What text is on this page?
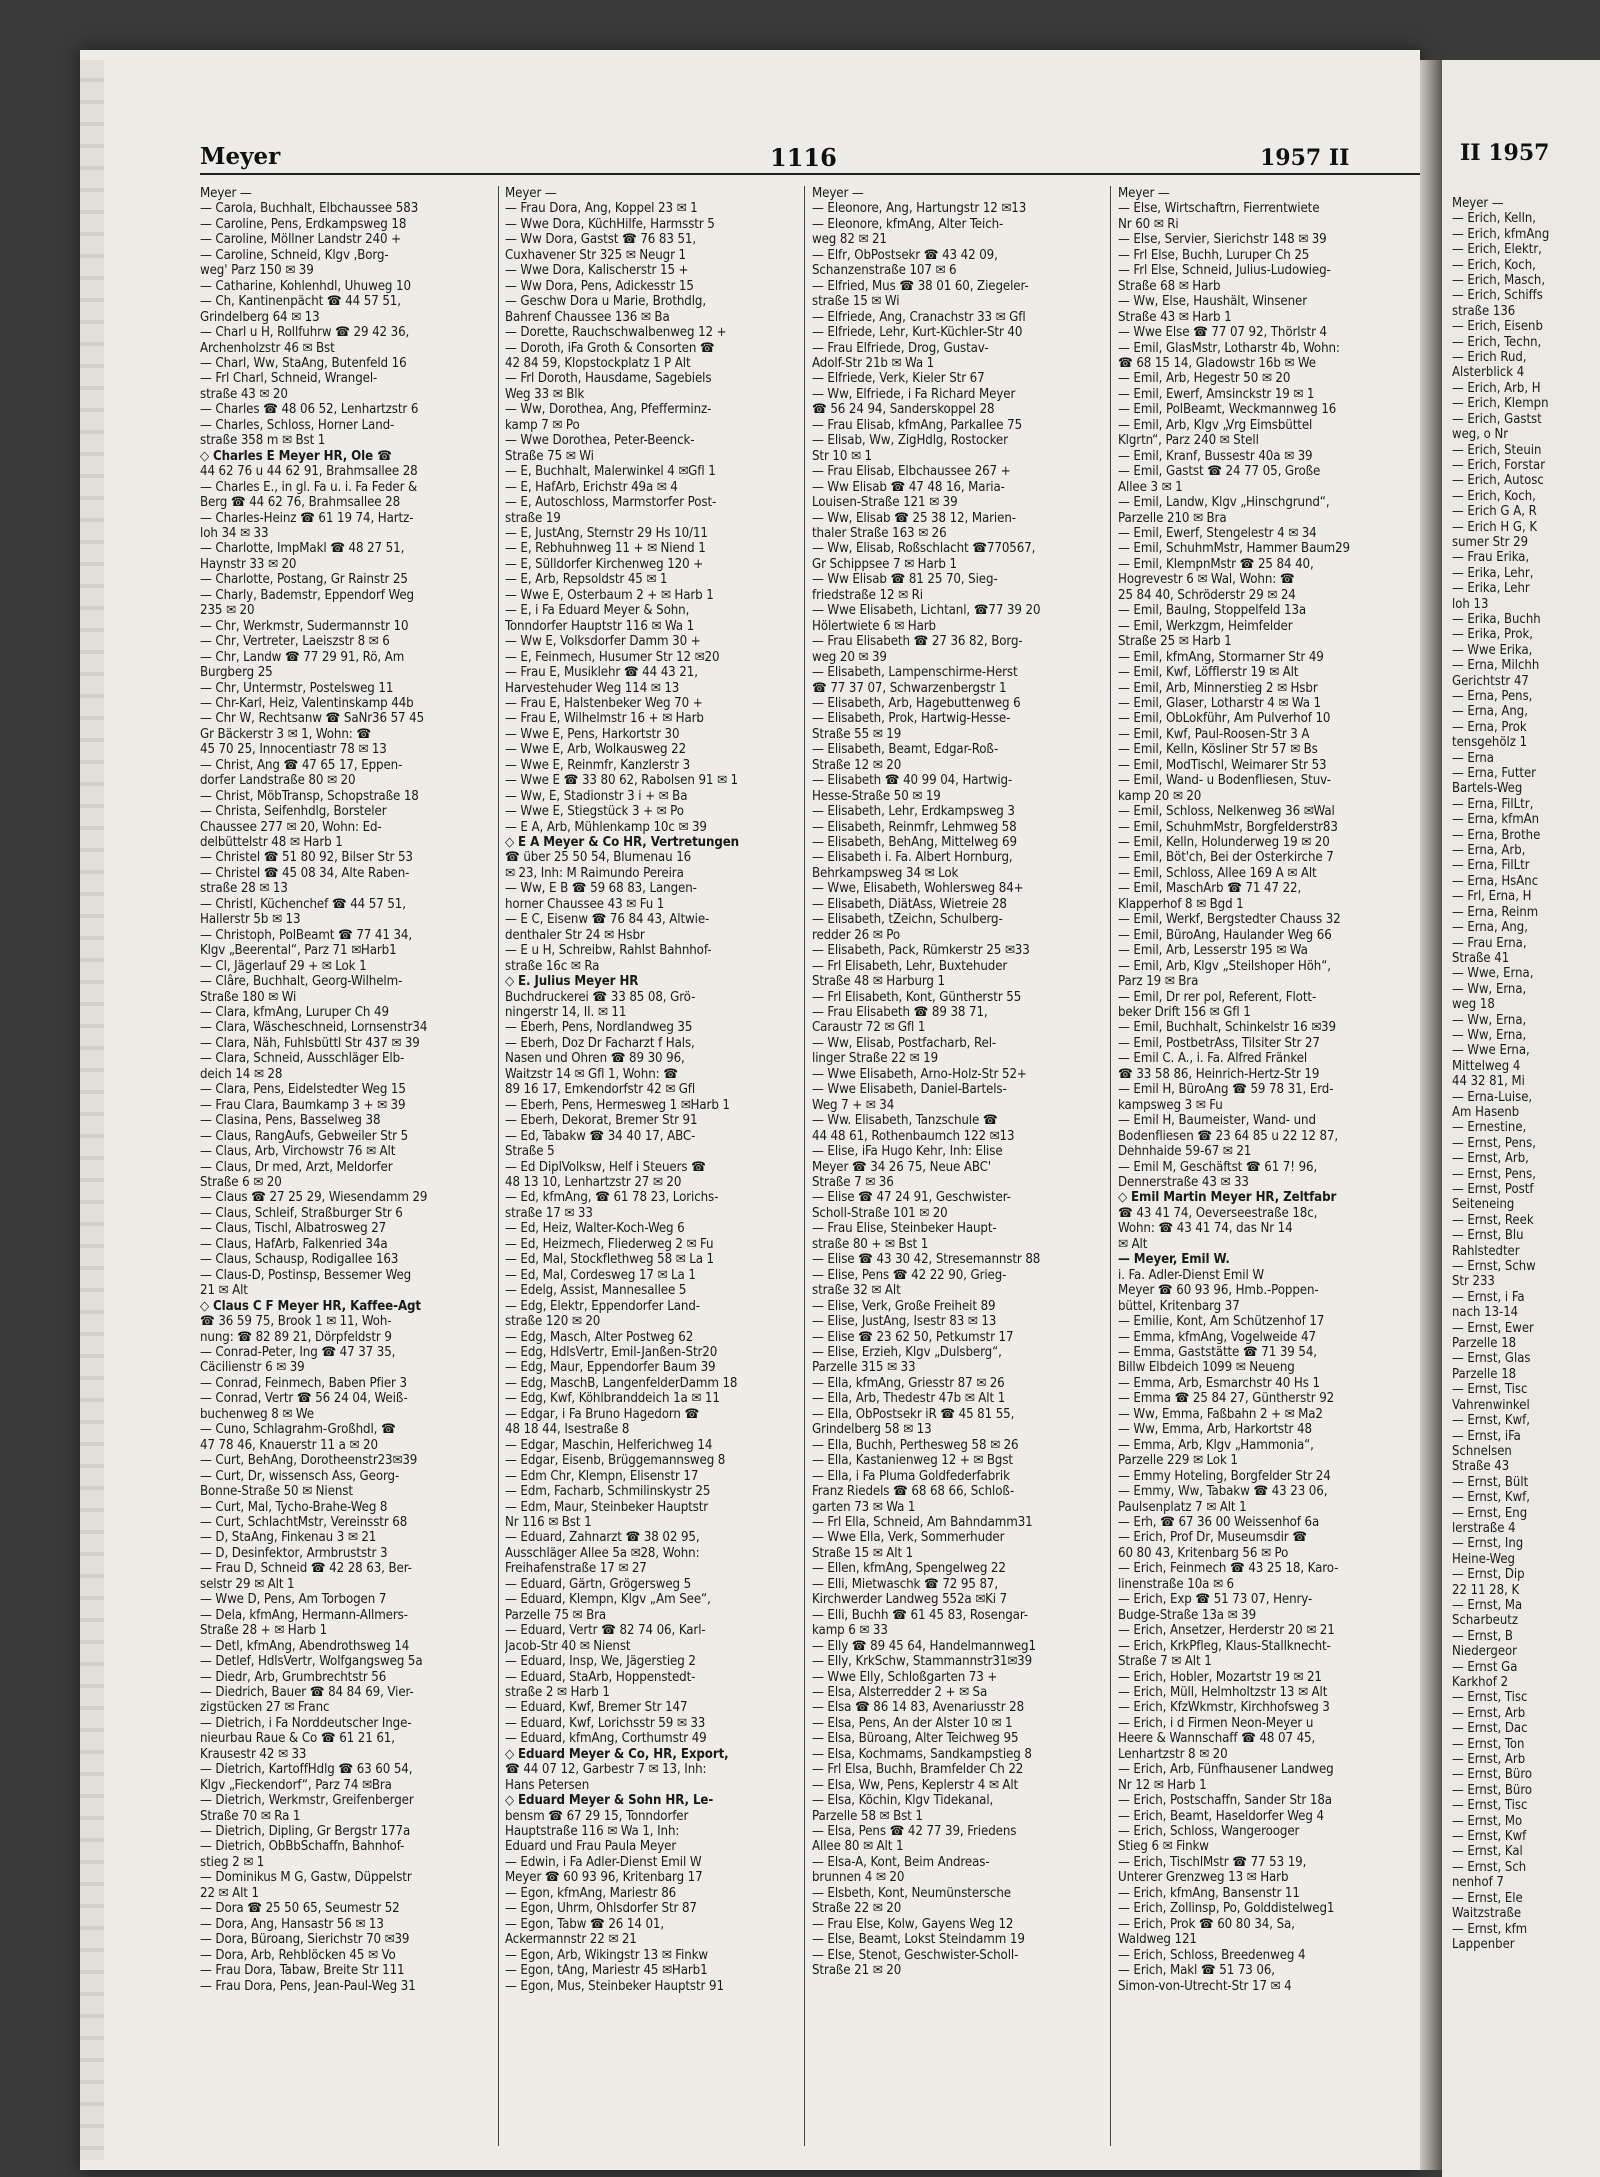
Meyer	1116	1957 II
Meyer —
— Carola, Buchhalt, Elbchaussee 583
— Caroline, Pens, Erdkampsweg 18
— Caroline, Möllner Landstr 240 +
— Caroline, Schneid, Klgv ‚Borg-
weg' Parz 150 ✉ 39
— Catharine, Kohlenhdl, Uhuweg 10
— Ch, Kantinenpächt ☎ 44 57 51,
Grindelberg 64 ✉ 13
— Charl u H, Rollfuhrw ☎ 29 42 36,
Archenholzstr 46 ✉ Bst
— Charl, Ww, StaAng, Butenfeld 16
— Frl Charl, Schneid, Wrangel-
straße 43 ✉ 20
— Charles ☎ 48 06 52, Lenhartzstr 6
— Charles, Schloss, Horner Land-
straße 358 m ✉ Bst 1
◇ Charles E Meyer HR, Ole ☎
44 62 76 u 44 62 91, Brahmsallee 28
— Charles E., in gl. Fa u. i. Fa Feder &
Berg ☎ 44 62 76, Brahmsallee 28
— Charles-Heinz ☎ 61 19 74, Hartz-
loh 34 ✉ 33
— Charlotte, ImpMakl ☎ 48 27 51,
Haynstr 33 ✉ 20
— Charlotte, Postang, Gr Rainstr 25
— Charly, Bademstr, Eppendorf Weg
235 ✉ 20
— Chr, Werkmstr, Sudermannstr 10
— Chr, Vertreter, Laeiszstr 8 ✉ 6
— Chr, Landw ☎ 77 29 91, Rö, Am
Burgberg 25
— Chr, Untermstr, Postelsweg 11
— Chr-Karl, Heiz, Valentinskamp 44b
— Chr W, Rechtsanw ☎ SaNr36 57 45
Gr Bäckerstr 3 ✉ 1, Wohn: ☎
45 70 25, Innocentiastr 78 ✉ 13
— Christ, Ang ☎ 47 65 17, Eppen-
dorfer Landstraße 80 ✉ 20
— Christ, MöbTransp, Schopstraße 18
— Christa, Seifenhdlg, Borsteler
Chaussee 277 ✉ 20, Wohn: Ed-
delbüttelstr 48 ✉ Harb 1
— Christel ☎ 51 80 92, Bilser Str 53
— Christel ☎ 45 08 34, Alte Raben-
straße 28 ✉ 13
— Christl, Küchenchef ☎ 44 57 51,
Hallerstr 5b ✉ 13
— Christoph, PolBeamt ☎ 77 41 34,
Klgv „Beerental“, Parz 71 ✉Harb1
— Cl, Jägerlauf 29 + ✉ Lok 1
— Clâre, Buchhalt, Georg-Wilhelm-
Straße 180 ✉ Wi
— Clara, kfmAng, Luruper Ch 49
— Clara, Wäscheschneid, Lornsenstr34
— Clara, Näh, Fuhlsbüttl Str 437 ✉ 39
— Clara, Schneid, Ausschläger Elb-
deich 14 ✉ 28
— Clara, Pens, Eidelstedter Weg 15
— Frau Clara, Baumkamp 3 + ✉ 39
— Clasina, Pens, Basselweg 38
— Claus, RangAufs, Gebweiler Str 5
— Claus, Arb, Virchowstr 76 ✉ Alt
— Claus, Dr med, Arzt, Meldorfer
Straße 6 ✉ 20
— Claus ☎ 27 25 29, Wiesendamm 29
— Claus, Schleif, Straßburger Str 6
— Claus, Tischl, Albatrosweg 27
— Claus, HafArb, Falkenried 34a
— Claus, Schausp, Rodigallee 163
— Claus-D, Postinsp, Bessemer Weg
21 ✉ Alt
◇ Claus C F Meyer HR, Kaffee-Agt
☎ 36 59 75, Brook 1 ✉ 11, Woh-
nung: ☎ 82 89 21, Dörpfeldstr 9
— Conrad-Peter, Ing ☎ 47 37 35,
Cäcilienstr 6 ✉ 39
— Conrad, Feinmech, Baben Pfier 3
— Conrad, Vertr ☎ 56 24 04, Weiß-
buchenweg 8 ✉ We
— Cuno, Schlagrahm-Großhdl, ☎
47 78 46, Knauerstr 11 a ✉ 20
— Curt, BehAng, Dorotheenstr23✉39
— Curt, Dr, wissensch Ass, Georg-
Bonne-Straße 50 ✉ Nienst
— Curt, Mal, Tycho-Brahe-Weg 8
— Curt, SchlachtMstr, Vereinsstr 68
— D, StaAng, Finkenau 3 ✉ 21
— D, Desinfektor, Armbruststr 3
— Frau D, Schneid ☎ 42 28 63, Ber-
selstr 29 ✉ Alt 1
— Wwe D, Pens, Am Torbogen 7
— Dela, kfmAng, Hermann-Allmers-
Straße 28 + ✉ Harb 1
— Detl, kfmAng, Abendrothsweg 14
— Detlef, HdlsVertr, Wolfgangsweg 5a
— Diedr, Arb, Grumbrechtstr 56
— Diedrich, Bauer ☎ 84 84 69, Vier-
zigstücken 27 ✉ Franc
— Dietrich, i Fa Norddeutscher Inge-
nieurbau Raue & Co ☎ 61 21 61,
Krausestr 42 ✉ 33
— Dietrich, KartoffHdlg ☎ 63 60 54,
Klgv „Fieckendorf“, Parz 74 ✉Bra
— Dietrich, Werkmstr, Greifenberger
Straße 70 ✉ Ra 1
— Dietrich, Dipling, Gr Bergstr 177a
— Dietrich, ObBbSchaffn, Bahnhof-
stieg 2 ✉ 1
— Dominikus M G, Gastw, Düppelstr
22 ✉ Alt 1
— Dora ☎ 25 50 65, Seumestr 52
— Dora, Ang, Hansastr 56 ✉ 13
— Dora, Büroang, Sierichstr 70 ✉39
— Dora, Arb, Rehblöcken 45 ✉ Vo
— Frau Dora, Tabaw, Breite Str 111
— Frau Dora, Pens, Jean-Paul-Weg 31
Meyer —
— Frau Dora, Ang, Koppel 23 ✉ 1
— Wwe Dora, KüchHilfe, Harmsstr 5
— Ww Dora, Gastst ☎ 76 83 51,
Cuxhavener Str 325 ✉ Neugr 1
— Wwe Dora, Kalischerstr 15 +
— Ww Dora, Pens, Adickesstr 15
— Geschw Dora u Marie, Brothdlg,
Bahrenf Chaussee 136 ✉ Ba
— Dorette, Rauchschwalbenweg 12 +
— Doroth, iFa Groth & Consorten ☎
42 84 59, Klopstockplatz 1 P Alt
— Frl Doroth, Hausdame, Sagebiels
Weg 33 ✉ Blk
— Ww, Dorothea, Ang, Pfefferminz-
kamp 7 ✉ Po
— Wwe Dorothea, Peter-Beenck-
Straße 75 ✉ Wi
— E, Buchhalt, Malerwinkel 4 ✉Gfl 1
— E, HafArb, Erichstr 49a ✉ 4
— E, Autoschloss, Marmstorfer Post-
straße 19
— E, JustAng, Sternstr 29 Hs 10/11
— E, Rebhuhnweg 11 + ✉ Niend 1
— E, Sülldorfer Kirchenweg 120 +
— E, Arb, Repsoldstr 45 ✉ 1
— Wwe E, Osterbaum 2 + ✉ Harb 1
— E, i Fa Eduard Meyer & Sohn,
Tonndorfer Hauptstr 116 ✉ Wa 1
— Ww E, Volksdorfer Damm 30 +
— E, Feinmech, Husumer Str 12 ✉20
— Frau E, Musiklehr ☎ 44 43 21,
Harvestehuder Weg 114 ✉ 13
— Frau E, Halstenbeker Weg 70 +
— Frau E, Wilhelmstr 16 + ✉ Harb
— Wwe E, Pens, Harkortstr 30
— Wwe E, Arb, Wolkausweg 22
— Wwe E, Reinmfr, Kanzlerstr 3
— Wwe E ☎ 33 80 62, Rabolsen 91 ✉ 1
— Ww, E, Stadionstr 3 i + ✉ Ba
— Wwe E, Stiegstück 3 + ✉ Po
— E A, Arb, Mühlenkamp 10c ✉ 39
◇ E A Meyer & Co HR, Vertretungen
☎ über 25 50 54, Blumenau 16
✉ 23, Inh: M Raimundo Pereira
— Ww, E B ☎ 59 68 83, Langen-
horner Chaussee 43 ✉ Fu 1
— E C, Eisenw ☎ 76 84 43, Altwie-
denthaler Str 24 ✉ Hsbr
— E u H, Schreibw, Rahlst Bahnhof-
straße 16c ✉ Ra
◇ E. Julius Meyer HR
Buchdruckerei ☎ 33 85 08, Grö-
ningerstr 14, II. ✉ 11
— Eberh, Pens, Nordlandweg 35
— Eberh, Doz Dr Facharzt f Hals,
Nasen und Ohren ☎ 89 30 96,
Waitzstr 14 ✉ Gfl 1, Wohn: ☎
89 16 17, Emkendorfstr 42 ✉ Gfl
— Eberh, Pens, Hermesweg 1 ✉Harb 1
— Eberh, Dekorat, Bremer Str 91
— Ed, Tabakw ☎ 34 40 17, ABC-
Straße 5
— Ed DiplVolksw, Helf i Steuers ☎
48 13 10, Lenhartzstr 27 ✉ 20
— Ed, kfmAng, ☎ 61 78 23, Lorichs-
straße 17 ✉ 33
— Ed, Heiz, Walter-Koch-Weg 6
— Ed, Heizmech, Fliederweg 2 ✉ Fu
— Ed, Mal, Stockflethweg 58 ✉ La 1
— Ed, Mal, Cordesweg 17 ✉ La 1
— Edelg, Assist, Mannesallee 5
— Edg, Elektr, Eppendorfer Land-
straße 120 ✉ 20
— Edg, Masch, Alter Postweg 62
— Edg, HdlsVertr, Emil-Janßen-Str20
— Edg, Maur, Eppendorfer Baum 39
— Edg, MaschB, LangenfelderDamm 18
— Edg, Kwf, Köhlbranddeich 1a ✉ 11
— Edgar, i Fa Bruno Hagedorn ☎
48 18 44, Isestraße 8
— Edgar, Maschin, Helferichweg 14
— Edgar, Eisenb, Brüggemannsweg 8
— Edm Chr, Klempn, Elisenstr 17
— Edm, Facharb, Schmilinskystr 25
— Edm, Maur, Steinbeker Hauptstr
Nr 116 ✉ Bst 1
— Eduard, Zahnarzt ☎ 38 02 95,
Ausschläger Allee 5a ✉28, Wohn:
Freihafenstraße 17 ✉ 27
— Eduard, Gärtn, Grögersweg 5
— Eduard, Klempn, Klgv „Am See“,
Parzelle 75 ✉ Bra
— Eduard, Vertr ☎ 82 74 06, Karl-
Jacob-Str 40 ✉ Nienst
— Eduard, Insp, We, Jägerstieg 2
— Eduard, StaArb, Hoppenstedt-
straße 2 ✉ Harb 1
— Eduard, Kwf, Bremer Str 147
— Eduard, Kwf, Lorichsstr 59 ✉ 33
— Eduard, kfmAng, Corthumstr 49
◇ Eduard Meyer & Co, HR, Export,
☎ 44 07 12, Garbestr 7 ✉ 13, Inh:
Hans Petersen
◇ Eduard Meyer & Sohn HR, Le-
bensm ☎ 67 29 15, Tonndorfer
Hauptstraße 116 ✉ Wa 1, Inh:
Eduard und Frau Paula Meyer
— Edwin, i Fa Adler-Dienst Emil W
Meyer ☎ 60 93 96, Kritenbarg 17
— Egon, kfmAng, Mariestr 86
— Egon, Uhrm, Ohlsdorfer Str 87
— Egon, Tabw ☎ 26 14 01,
Ackermannstr 22 ✉ 21
— Egon, Arb, Wikingstr 13 ✉ Finkw
— Egon, tAng, Mariestr 45 ✉Harb1
— Egon, Mus, Steinbeker Hauptstr 91
Meyer —
— Eleonore, Ang, Hartungstr 12 ✉13
— Eleonore, kfmAng, Alter Teich-
weg 82 ✉ 21
— Elfr, ObPostsekr ☎ 43 42 09,
Schanzenstraße 107 ✉ 6
— Elfried, Mus ☎ 38 01 60, Ziegeler-
straße 15 ✉ Wi
— Elfriede, Ang, Cranachstr 33 ✉ Gfl
— Elfriede, Lehr, Kurt-Küchler-Str 40
— Frau Elfriede, Drog, Gustav-
Adolf-Str 21b ✉ Wa 1
— Elfriede, Verk, Kieler Str 67
— Ww, Elfriede, i Fa Richard Meyer
☎ 56 24 94, Sanderskoppel 28
— Frau Elisab, kfmAng, Parkallee 75
— Elisab, Ww, ZigHdlg, Rostocker
Str 10 ✉ 1
— Frau Elisab, Elbchaussee 267 +
— Ww Elisab ☎ 47 48 16, Maria-
Louisen-Straße 121 ✉ 39
— Ww, Elisab ☎ 25 38 12, Marien-
thaler Straße 163 ✉ 26
— Ww, Elisab, Roßschlacht ☎770567,
Gr Schippsee 7 ✉ Harb 1
— Ww Elisab ☎ 81 25 70, Sieg-
friedstraße 12 ✉ Ri
— Wwe Elisabeth, Lichtanl, ☎77 39 20
Hölertwiete 6 ✉ Harb
— Frau Elisabeth ☎ 27 36 82, Borg-
weg 20 ✉ 39
— Elisabeth, Lampenschirme-Herst
☎ 77 37 07, Schwarzenbergstr 1
— Elisabeth, Arb, Hagebuttenweg 6
— Elisabeth, Prok, Hartwig-Hesse-
Straße 55 ✉ 19
— Elisabeth, Beamt, Edgar-Roß-
Straße 12 ✉ 20
— Elisabeth ☎ 40 99 04, Hartwig-
Hesse-Straße 50 ✉ 19
— Elisabeth, Lehr, Erdkampsweg 3
— Elisabeth, Reinmfr, Lehmweg 58
— Elisabeth, BehAng, Mittelweg 69
— Elisabeth i. Fa. Albert Hornburg,
Behrkampsweg 34 ✉ Lok
— Wwe, Elisabeth, Wohlersweg 84+
— Elisabeth, DiätAss, Wietreie 28
— Elisabeth, tZeichn, Schulberg-
redder 26 ✉ Po
— Elisabeth, Pack, Rümkerstr 25 ✉33
— Frl Elisabeth, Lehr, Buxtehuder
Straße 48 ✉ Harburg 1
— Frl Elisabeth, Kont, Güntherstr 55
— Frau Elisabeth ☎ 89 38 71,
Caraustr 72 ✉ Gfl 1
— Ww, Elisab, Postfacharb, Rel-
linger Straße 22 ✉ 19
— Wwe Elisabeth, Arno-Holz-Str 52+
— Wwe Elisabeth, Daniel-Bartels-
Weg 7 + ✉ 34
— Ww. Elisabeth, Tanzschule ☎
44 48 61, Rothenbaumch 122 ✉13
— Elise, iFa Hugo Kehr, Inh: Elise
Meyer ☎ 34 26 75, Neue ABC'
Straße 7 ✉ 36
— Elise ☎ 47 24 91, Geschwister-
Scholl-Straße 101 ✉ 20
— Frau Elise, Steinbeker Haupt-
straße 80 + ✉ Bst 1
— Elise ☎ 43 30 42, Stresemannstr 88
— Elise, Pens ☎ 42 22 90, Grieg-
straße 32 ✉ Alt
— Elise, Verk, Große Freiheit 89
— Elise, JustAng, Isestr 83 ✉ 13
— Elise ☎ 23 62 50, Petkumstr 17
— Elise, Erzieh, Klgv „Dulsberg“,
Parzelle 315 ✉ 33
— Ella, kfmAng, Griesstr 87 ✉ 26
— Ella, Arb, Thedestr 47b ✉ Alt 1
— Ella, ObPostsekr iR ☎ 45 81 55,
Grindelberg 58 ✉ 13
— Ella, Buchh, Perthesweg 58 ✉ 26
— Ella, Kastanienweg 12 + ✉ Bgst
— Ella, i Fa Pluma Goldfederfabrik
Franz Riedels ☎ 68 68 66, Schloß-
garten 73 ✉ Wa 1
— Frl Ella, Schneid, Am Bahndamm31
— Wwe Ella, Verk, Sommerhuder
Straße 15 ✉ Alt 1
— Ellen, kfmAng, Spengelweg 22
— Elli, Mietwaschk ☎ 72 95 87,
Kirchwerder Landweg 552a ✉Ki 7
— Elli, Buchh ☎ 61 45 83, Rosengar-
kamp 6 ✉ 33
— Elly ☎ 89 45 64, Handelmannweg1
— Elly, KrkSchw, Stammannstr31✉39
— Wwe Elly, Schloßgarten 73 +
— Elsa, Alsterredder 2 + ✉ Sa
— Elsa ☎ 86 14 83, Avenariusstr 28
— Elsa, Pens, An der Alster 10 ✉ 1
— Elsa, Büroang, Alter Teichweg 95
— Elsa, Kochmams, Sandkampstieg 8
— Frl Elsa, Buchh, Bramfelder Ch 22
— Elsa, Ww, Pens, Keplerstr 4 ✉ Alt
— Elsa, Köchin, Klgv Tidekanal,
Parzelle 58 ✉ Bst 1
— Elsa, Pens ☎ 42 77 39, Friedens
Allee 80 ✉ Alt 1
— Elsa-A, Kont, Beim Andreas-
brunnen 4 ✉ 20
— Elsbeth, Kont, Neumünstersche
Straße 22 ✉ 20
— Frau Else, Kolw, Gayens Weg 12
— Else, Beamt, Lokst Steindamm 19
— Else, Stenot, Geschwister-Scholl-
Straße 21 ✉ 20
Meyer —
— Else, Wirtschaftrn, Fierrentwiete
Nr 60 ✉ Ri
— Else, Servier, Sierichstr 148 ✉ 39
— Frl Else, Buchh, Luruper Ch 25
— Frl Else, Schneid, Julius-Ludowieg-
Straße 68 ✉ Harb
— Ww, Else, Haushält, Winsener
Straße 43 ✉ Harb 1
— Wwe Else ☎ 77 07 92, Thörlstr 4
— Emil, GlasMstr, Lotharstr 4b, Wohn:
☎ 68 15 14, Gladowstr 16b ✉ We
— Emil, Arb, Hegestr 50 ✉ 20
— Emil, Ewerf, Amsinckstr 19 ✉ 1
— Emil, PolBeamt, Weckmannweg 16
— Emil, Arb, Klgv „Vrg Eimsbüttel
Klgrtn“, Parz 240 ✉ Stell
— Emil, Kranf, Bussestr 40a ✉ 39
— Emil, Gastst ☎ 24 77 05, Große
Allee 3 ✉ 1
— Emil, Landw, Klgv „Hinschgrund“,
Parzelle 210 ✉ Bra
— Emil, Ewerf, Stengelestr 4 ✉ 34
— Emil, SchuhmMstr, Hammer Baum29
— Emil, KlempnMstr ☎ 25 84 40,
Hogrevestr 6 ✉ Wal, Wohn: ☎
25 84 40, Schröderstr 29 ✉ 24
— Emil, Baulng, Stoppelfeld 13a
— Emil, Werkzgm, Heimfelder
Straße 25 ✉ Harb 1
— Emil, kfmAng, Stormarner Str 49
— Emil, Kwf, Löfflerstr 19 ✉ Alt
— Emil, Arb, Minnerstieg 2 ✉ Hsbr
— Emil, Glaser, Lotharstr 4 ✉ Wa 1
— Emil, ObLokführ, Am Pulverhof 10
— Emil, Kwf, Paul-Roosen-Str 3 A
— Emil, Kelln, Kösliner Str 57 ✉ Bs
— Emil, ModTischl, Weimarer Str 53
— Emil, Wand- u Bodenfliesen, Stuv-
kamp 20 ✉ 20
— Emil, Schloss, Nelkenweg 36 ✉Wal
— Emil, SchuhmMstr, Borgfelderstr83
— Emil, Kelln, Holunderweg 19 ✉ 20
— Emil, Böt'ch, Bei der Osterkirche 7
— Emil, Schloss, Allee 169 A ✉ Alt
— Emil, MaschArb ☎ 71 47 22,
Klapperhof 8 ✉ Bgd 1
— Emil, Werkf, Bergstedter Chauss 32
— Emil, BüroAng, Haulander Weg 66
— Emil, Arb, Lesserstr 195 ✉ Wa
— Emil, Arb, Klgv „Steilshoper Höh“,
Parz 19 ✉ Bra
— Emil, Dr rer pol, Referent, Flott-
beker Drift 156 ✉ Gfl 1
— Emil, Buchhalt, Schinkelstr 16 ✉39
— Emil, PostbetrAss, Tilsiter Str 27
— Emil C. A., i. Fa. Alfred Fränkel
☎ 33 58 86, Heinrich-Hertz-Str 19
— Emil H, BüroAng ☎ 59 78 31, Erd-
kampsweg 3 ✉ Fu
— Emil H, Baumeister, Wand- und
Bodenfliesen ☎ 23 64 85 u 22 12 87,
Dehnhaide 59-67 ✉ 21
— Emil M, Geschäftst ☎ 61 7! 96,
Dennerstraße 43 ✉ 33
◇ Emil Martin Meyer HR, Zeltfabr
☎ 43 41 74, Oeverseestraße 18c,
Wohn: ☎ 43 41 74, das Nr 14
✉ Alt
— Meyer, Emil W.
i. Fa. Adler-Dienst Emil W
Meyer ☎ 60 93 96, Hmb.-Poppen-
büttel, Kritenbarg 37
— Emilie, Kont, Am Schützenhof 17
— Emma, kfmAng, Vogelweide 47
— Emma, Gaststätte ☎ 71 39 54,
Billw Elbdeich 1099 ✉ Neueng
— Emma, Arb, Esmarchstr 40 Hs 1
— Emma ☎ 25 84 27, Güntherstr 92
— Ww, Emma, Faßbahn 2 + ✉ Ma2
— Ww, Emma, Arb, Harkortstr 48
— Emma, Arb, Klgv „Hammonia“,
Parzelle 229 ✉ Lok 1
— Emmy Hoteling, Borgfelder Str 24
— Emmy, Ww, Tabakw ☎ 43 23 06,
Paulsenplatz 7 ✉ Alt 1
— Erh, ☎ 67 36 00 Weissenhof 6a
— Erich, Prof Dr, Museumsdir ☎
60 80 43, Kritenbarg 56 ✉ Po
— Erich, Feinmech ☎ 43 25 18, Karo-
linenstraße 10a ✉ 6
— Erich, Exp ☎ 51 73 07, Henry-
Budge-Straße 13a ✉ 39
— Erich, Ansetzer, Herderstr 20 ✉ 21
— Erich, KrkPfleg, Klaus-Stallknecht-
Straße 7 ✉ Alt 1
— Erich, Hobler, Mozartstr 19 ✉ 21
— Erich, Müll, Helmholtzstr 13 ✉ Alt
— Erich, KfzWkmstr, Kirchhofsweg 3
— Erich, i d Firmen Neon-Meyer u
Heere & Wannschaff ☎ 48 07 45,
Lenhartzstr 8 ✉ 20
— Erich, Arb, Fünfhausener Landweg
Nr 12 ✉ Harb 1
— Erich, Postschaffn, Sander Str 18a
— Erich, Beamt, Haseldorfer Weg 4
— Erich, Schloss, Wangerooger
Stieg 6 ✉ Finkw
— Erich, TischlMstr ☎ 77 53 19,
Unterer Grenzweg 13 ✉ Harb
— Erich, kfmAng, Bansenstr 11
— Erich, Zollinsp, Po, Golddistelweg1
— Erich, Prok ☎ 60 80 34, Sa,
Waldweg 121
— Erich, Schloss, Breedenweg 4
— Erich, Makl ☎ 51 73 06,
Simon-von-Utrecht-Str 17 ✉ 4
II 1957
Meyer —
— Erich, Kelln,
— Erich, kfmAng
— Erich, Elektr,
— Erich, Koch,
— Erich, Masch,
— Erich, Schiffs
straße 136
— Erich, Eisenb
— Erich, Techn,
— Erich Rud,
Alsterblick 4
— Erich, Arb, H
— Erich, Klempn
— Erich, Gastst
weg, o Nr
— Erich, Steuin
— Erich, Forstar
— Erich, Autosc
— Erich, Koch,
— Erich G A, R
— Erich H G, K
sumer Str 29
— Frau Erika,
— Erika, Lehr,
— Erika, Lehr
loh 13
— Erika, Buchh
— Erika, Prok,
— Wwe Erika,
— Erna, Milchh
Gerichtstr 47
— Erna, Pens,
— Erna, Ang,
— Erna, Prok
tensgehölz 1
— Erna
— Erna, Futter
Bartels-Weg
— Erna, FilLtr,
— Erna, kfmAn
— Erna, Brothe
— Erna, Arb,
— Erna, FilLtr
— Erna, HsAnc
— Frl, Erna, H
— Erna, Reinm
— Erna, Ang,
— Frau Erna,
Straße 41
— Wwe, Erna,
— Ww, Erna,
weg 18
— Ww, Erna,
— Ww, Erna,
— Wwe Erna,
Mittelweg 4
44 32 81, Mi
— Erna-Luise,
Am Hasenb
— Ernestine,
— Ernst, Pens,
— Ernst, Arb,
— Ernst, Pens,
— Ernst, Postf
Seiteneing
— Ernst, Reek
— Ernst, Blu
Rahlstedter
— Ernst, Schw
Str 233
— Ernst, i Fa
nach 13-14
— Ernst, Ewer
Parzelle 18
— Ernst, Glas
Parzelle 18
— Ernst, Tisc
Vahrenwinkel
— Ernst, Kwf,
— Ernst, iFa
Schnelsen
Straße 43
— Ernst, Bült
— Ernst, Kwf,
— Ernst, Eng
lerstraße 4
— Ernst, Ing
Heine-Weg
— Ernst, Dip
22 11 28, K
— Ernst, Ma
Scharbeutz
— Ernst, B
Niedergeor
— Ernst Ga
Karkhof 2
— Ernst, Tisc
— Ernst, Arb
— Ernst, Dac
— Ernst, Ton
— Ernst, Arb
— Ernst, Büro
— Ernst, Büro
— Ernst, Tisc
— Ernst, Mo
— Ernst, Kwf
— Ernst, Kal
— Ernst, Sch
nenhof 7
— Ernst, Ele
Waitzstraße
— Ernst, kfm
Lappenber
